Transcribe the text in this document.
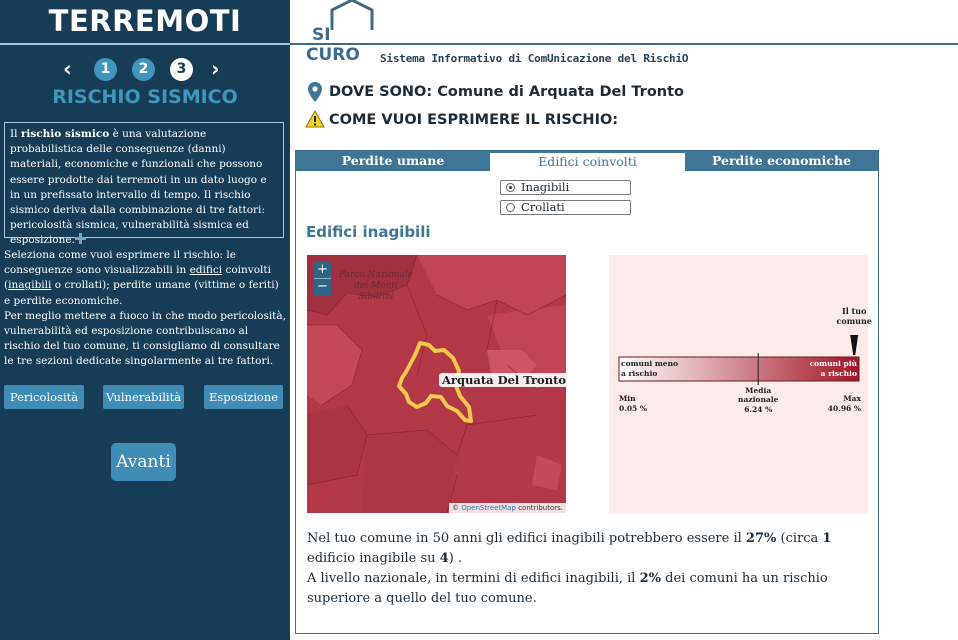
TERREMOTI
‹	1	2	3	›
RISCHIO SISMICO
Il rischio sismico è una valutazione probabilistica delle conseguenze (danni) materiali, economiche e funzionali che possono essere prodotte dai terremoti in un dato luogo e in un prefissato intervallo di tempo. Il rischio sismico deriva dalla combinazione di tre fattori: pericolosità sismica, vulnerabilità sismica ed esposizione.
Seleziona come vuoi esprimere il rischio: le conseguenze sono visualizzabili in edifici coinvolti (inagibili o crollati); perdite umane (vittime o feriti) e perdite economiche.
Per meglio mettere a fuoco in che modo pericolosità, vulnerabilità ed esposizione contribuiscano al rischio del tuo comune, ti consigliamo di consultare le tre sezioni dedicate singolarmente ai tre fattori.
Pericolosità	Vulnerabilità	Esposizione
Avanti
SI
CURO Sistema Informativo di ComUnicazione del RischiO
DOVE SONO: Comune di Arquata Del Tronto
COME VUOI ESPRIMERE IL RISCHIO:
Perdite umane	Edifici coinvolti	Perdite economiche
Inagibili
Crollati
Edifici inagibili
+
−
Parco Nazionale dei Monti Sibillini
Arquata Del Tronto
© OpenStreetMap contributors.
Il tuo
comune
comuni meno
a rischio
comuni più
a rischio
Min
0.05 %
Media
nazionale
6.24 %
Max
40.96 %
Nel tuo comune in 50 anni gli edifici inagibili potrebbero essere il 27% (circa 1 edificio inagibile su 4) .
A livello nazionale, in termini di edifici inagibili, il 2% dei comuni ha un rischio superiore a quello del tuo comune.
